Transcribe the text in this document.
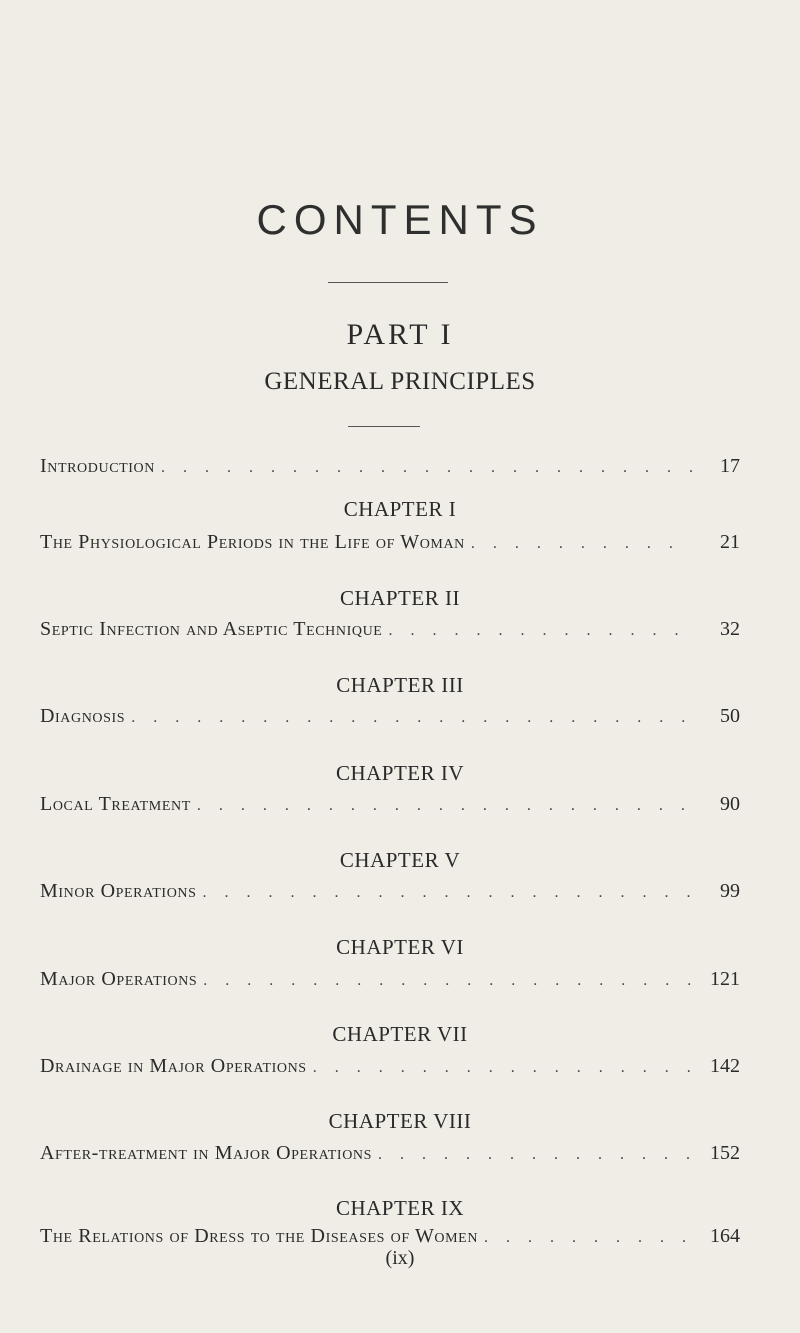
CONTENTS
PART I
GENERAL PRINCIPLES
Introduction . . .	17
CHAPTER I
The Physiological Periods in the Life of Woman . . .	21
CHAPTER II
Septic Infection and Aseptic Technique . . .	32
CHAPTER III
Diagnosis . . .	50
CHAPTER IV
Local Treatment . . .	90
CHAPTER V
Minor Operations . . .	99
CHAPTER VI
Major Operations . . .	121
CHAPTER VII
Drainage in Major Operations . . .	142
CHAPTER VIII
After-treatment in Major Operations . . .	152
CHAPTER IX
The Relations of Dress to the Diseases of Women . . .	164
(ix)
